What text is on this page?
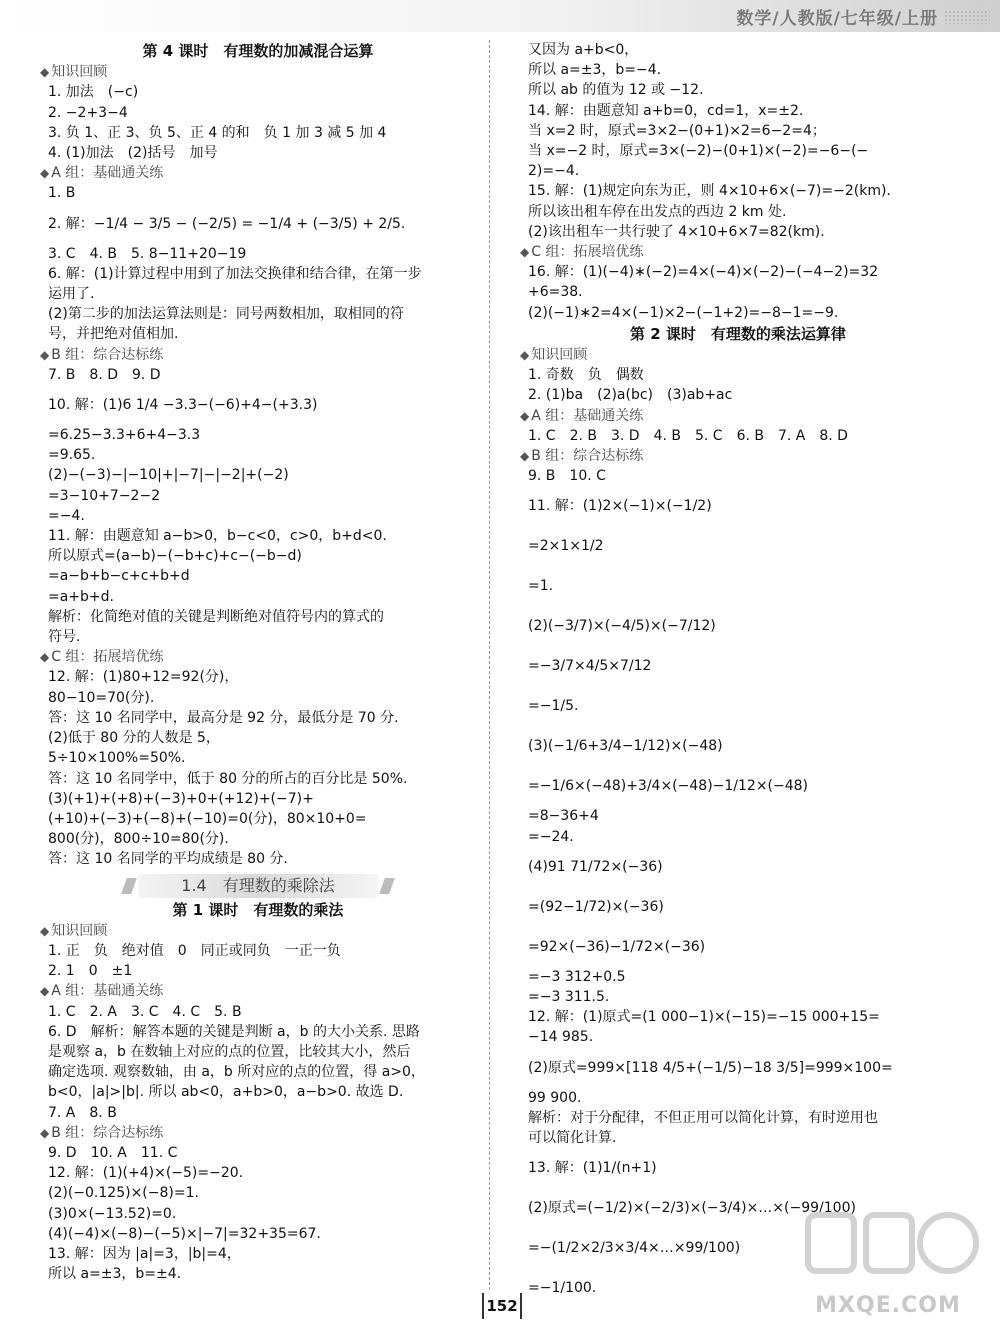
数学/人教版/七年级/上册
第 4 课时　有理数的加减混合运算
◆ 知识回顾
1. 加法　(−c)
2. −2+3−4
3. 负 1、正 3、负 5、正 4 的和　负 1 加 3 减 5 加 4
4. (1)加法　(2)括号　加号
◆ A 组：基础通关练
1. B
2. 解：−1/4 − 3/5 − (−2/5) = −1/4 + (−3/5) + 2/5.
3. C　4. B　5. 8−11+20−19
6. 解：(1)计算过程中用到了加法交换律和结合律，在第一步
运用了.
(2)第二步的加法运算法则是：同号两数相加，取相同的符
号，并把绝对值相加.
◆ B 组：综合达标练
7. B　8. D　9. D
10. 解：(1)6 1/4 −3.3−(−6)+4−(+3.3)
=6.25−3.3+6+4−3.3
=9.65.
(2)−(−3)−|−10|+|−7|−|−2|+(−2)
=3−10+7−2−2
=−4.
11. 解：由题意知 a−b>0，b−c<0，c>0，b+d<0.
所以原式=(a−b)−(−b+c)+c−(−b−d)
=a−b+b−c+c+b+d
=a+b+d.
解析：化简绝对值的关键是判断绝对值符号内的算式的
符号.
◆ C 组：拓展培优练
12. 解：(1)80+12=92(分)，
80−10=70(分).
答：这 10 名同学中，最高分是 92 分，最低分是 70 分.
(2)低于 80 分的人数是 5，
5÷10×100%=50%.
答：这 10 名同学中，低于 80 分的所占的百分比是 50%.
(3)(+1)+(+8)+(−3)+0+(+12)+(−7)+
(+10)+(−3)+(−8)+(−10)=0(分)，80×10+0=
800(分)，800÷10=80(分).
答：这 10 名同学的平均成绩是 80 分.
1.4　有理数的乘除法
第 1 课时　有理数的乘法
◆ 知识回顾
1. 正　负　绝对值　0　同正或同负　一正一负
2. 1　0　±1
◆ A 组：基础通关练
1. C　2. A　3. C　4. C　5. B
6. D　解析：解答本题的关键是判断 a，b 的大小关系. 思路
是观察 a，b 在数轴上对应的点的位置，比较其大小，然后
确定选项. 观察数轴，由 a，b 所对应的点的位置，得 a>0，
b<0，|a|>|b|. 所以 ab<0，a+b>0，a−b>0. 故选 D.
7. A　8. B
◆ B 组：综合达标练
9. D　10. A　11. C
12. 解：(1)(+4)×(−5)=−20.
(2)(−0.125)×(−8)=1.
(3)0×(−13.52)=0.
(4)(−4)×(−8)−(−5)×|−7|=32+35=67.
13. 解：因为 |a|=3，|b|=4，
所以 a=±3，b=±4.
又因为 a+b<0，
所以 a=±3，b=−4.
所以 ab 的值为 12 或 −12.
14. 解：由题意知 a+b=0，cd=1，x=±2.
当 x=2 时，原式=3×2−(0+1)×2=6−2=4；
当 x=−2 时，原式=3×(−2)−(0+1)×(−2)=−6−(−
2)=−4.
15. 解：(1)规定向东为正，则 4×10+6×(−7)=−2(km).
所以该出租车停在出发点的西边 2 km 处.
(2)该出租车一共行驶了 4×10+6×7=82(km).
◆ C 组：拓展培优练
16. 解：(1)(−4)∗(−2)=4×(−4)×(−2)−(−4−2)=32
+6=38.
(2)(−1)∗2=4×(−1)×2−(−1+2)=−8−1=−9.
第 2 课时　有理数的乘法运算律
◆ 知识回顾
1. 奇数　负　偶数
2. (1)ba　(2)a(bc)　(3)ab+ac
◆ A 组：基础通关练
1. C　2. B　3. D　4. B　5. C　6. B　7. A　8. D
◆ B 组：综合达标练
9. B　10. C
11. 解：(1)2×(−1)×(−1/2)
=2×1×1/2
=1.
(2)(−3/7)×(−4/5)×(−7/12)
=−3/7×4/5×7/12
=−1/5.
(3)(−1/6+3/4−1/12)×(−48)
=−1/6×(−48)+3/4×(−48)−1/12×(−48)
=8−36+4
=−24.
(4)91 71/72×(−36)
=(92−1/72)×(−36)
=92×(−36)−1/72×(−36)
=−3 312+0.5
=−3 311.5.
12. 解：(1)原式=(1 000−1)×(−15)=−15 000+15=
−14 985.
(2)原式=999×[118 4/5+(−1/5)−18 3/5]=999×100=
99 900.
解析：对于分配律，不但正用可以简化计算，有时逆用也
可以简化计算.
13. 解：(1)1/(n+1)
(2)原式=(−1/2)×(−2/3)×(−3/4)×…×(−99/100)
=−(1/2×2/3×3/4×…×99/100)
=−1/100.
152	MXQE.COM
